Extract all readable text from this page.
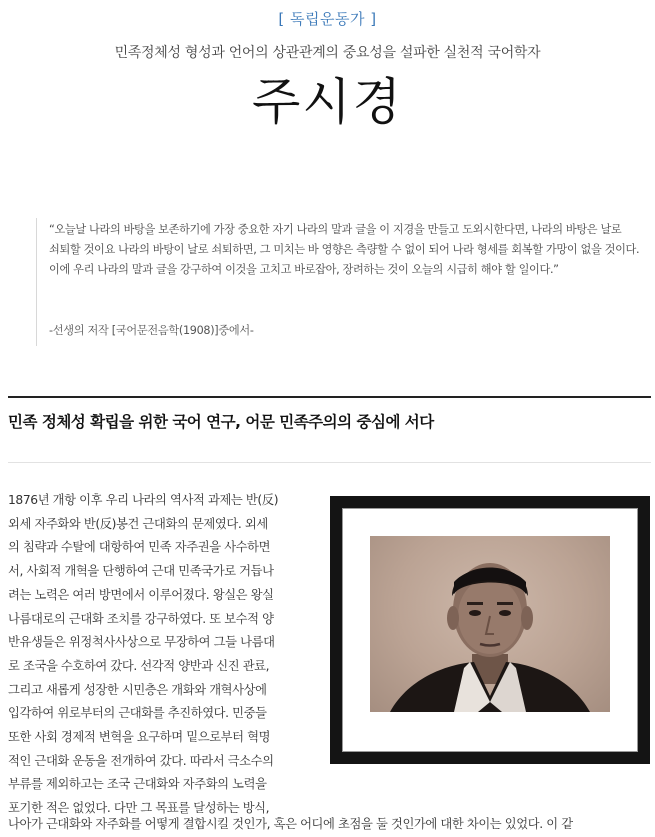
[ 독립운동가 ]
민족정체성 형성과 언어의 상관관계의 중요성을 설파한 실천적 국어학자
주시경
“오늘날 나라의 바탕을 보존하기에 가장 중요한 자기 나라의 말과 글을 이 지경을 만들고 도외시한다면, 나라의 바탕은 날로 쇠퇴할 것이요 나라의 바탕이 날로 쇠퇴하면, 그 미치는 바 영향은 측량할 수 없이 되어 나라 형세를 회복할 가망이 없을 것이다. 이에 우리 나라의 말과 글을 강구하여 이것을 고치고 바로잡아, 장려하는 것이 오늘의 시급히 해야 할 일이다.”
-선생의 저작 [국어문전음학(1908)]중에서-
민족 정체성 확립을 위한 국어 연구, 어문 민족주의의 중심에 서다
1876년 개항 이후 우리 나라의 역사적 과제는 반(反)
외세 자주화와 반(反)봉건 근대화의 문제였다. 외세
의 침략과 수탈에 대항하여 민족 자주권을 사수하면
서, 사회적 개혁을 단행하여 근대 민족국가로 거듭나
려는 노력은 여러 방면에서 이루어졌다. 왕실은 왕실
나름대로의 근대화 조치를 강구하였다. 또 보수적 양
반유생들은 위정척사사상으로 무장하여 그들 나름대
로 조국을 수호하여 갔다. 선각적 양반과 신진 관료,
그리고 새롭게 성장한 시민층은 개화와 개혁사상에
입각하여 위로부터의 근대화를 추진하였다. 민중들
또한 사회 경제적 변혁을 요구하며 밑으로부터 혁명
적인 근대화 운동을 전개하여 갔다. 따라서 극소수의
부류를 제외하고는 조국 근대화와 자주화의 노력을
포기한 적은 없었다. 다만 그 목표를 달성하는 방식,
나아가 근대화와 자주화를 어떻게 결합시킬 것인가, 혹은 어디에 초점을 둘 것인가에 대한 차이는 있었다. 이 같
